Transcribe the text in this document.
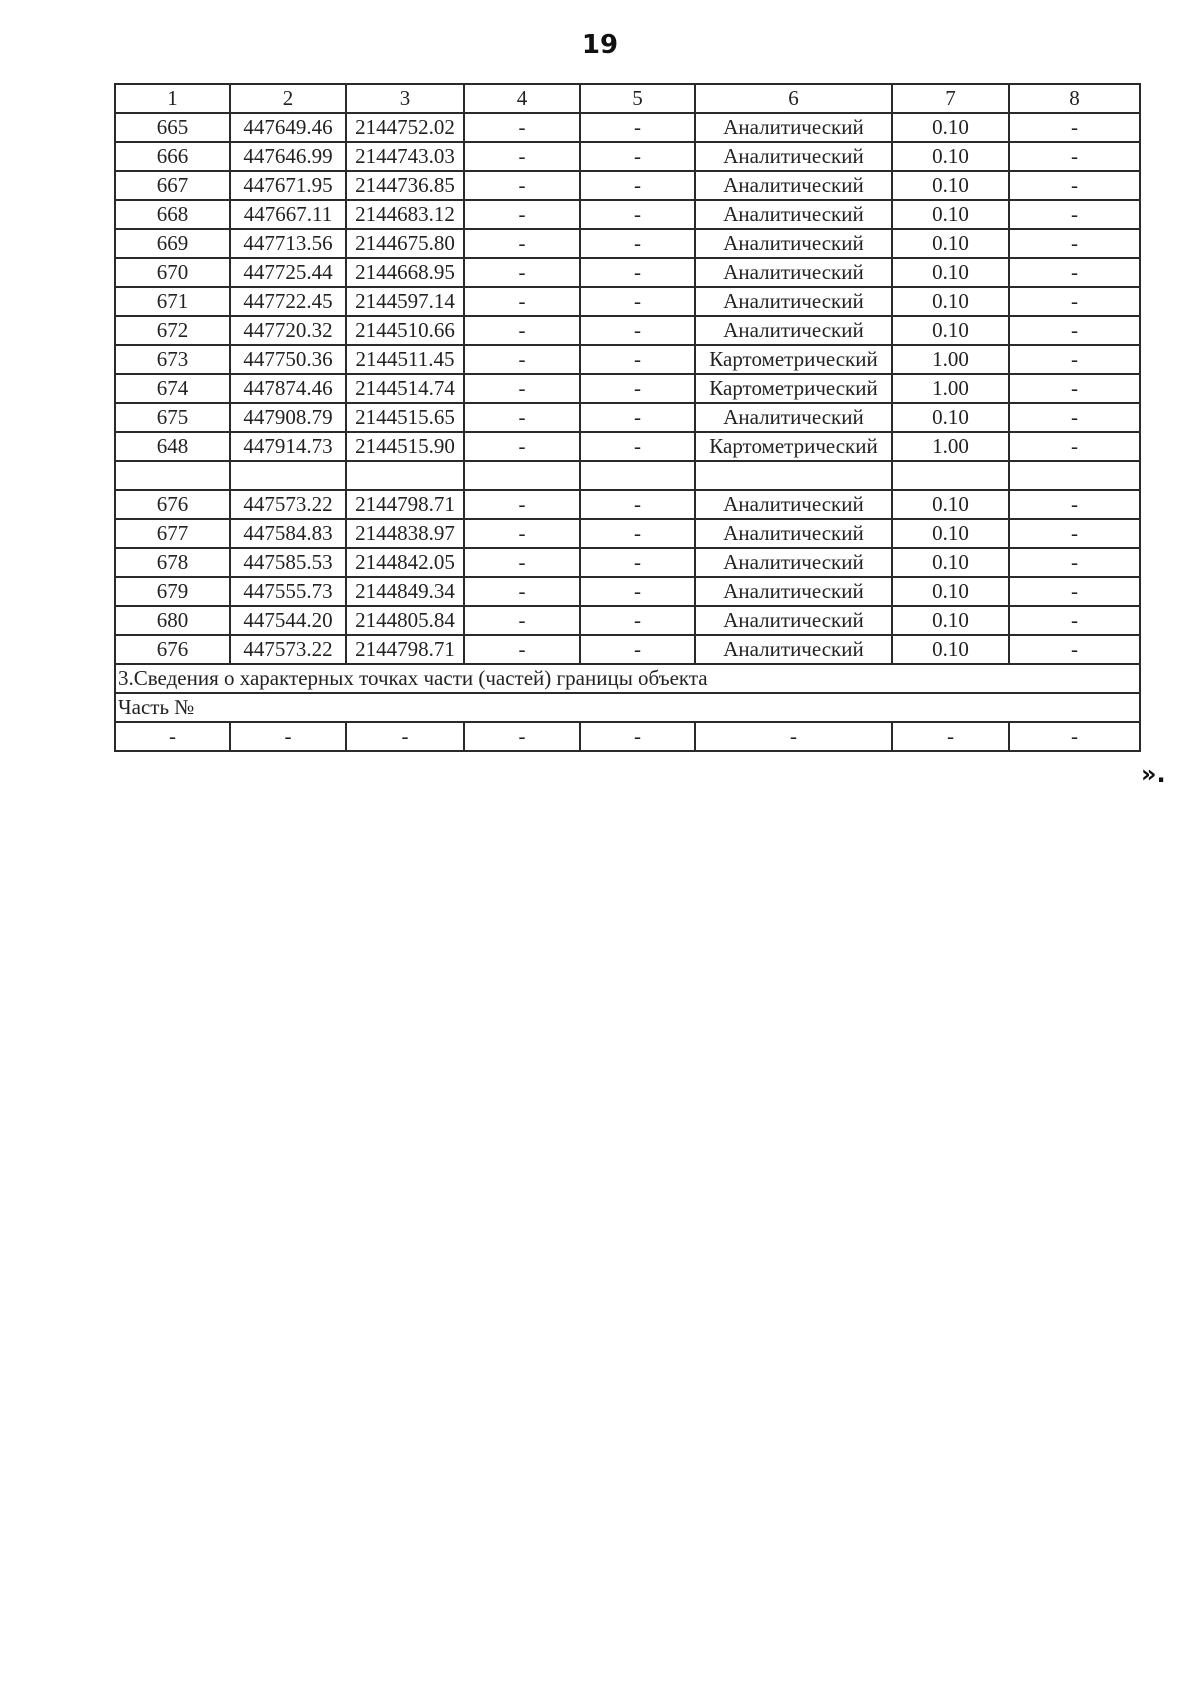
19
1	2	3	4	5	6	7	8
665	447649.46	2144752.02	-	-	Аналитический	0.10	-
666	447646.99	2144743.03	-	-	Аналитический	0.10	-
667	447671.95	2144736.85	-	-	Аналитический	0.10	-
668	447667.11	2144683.12	-	-	Аналитический	0.10	-
669	447713.56	2144675.80	-	-	Аналитический	0.10	-
670	447725.44	2144668.95	-	-	Аналитический	0.10	-
671	447722.45	2144597.14	-	-	Аналитический	0.10	-
672	447720.32	2144510.66	-	-	Аналитический	0.10	-
673	447750.36	2144511.45	-	-	Картометрический	1.00	-
674	447874.46	2144514.74	-	-	Картометрический	1.00	-
675	447908.79	2144515.65	-	-	Аналитический	0.10	-
648	447914.73	2144515.90	-	-	Картометрический	1.00	-

676	447573.22	2144798.71	-	-	Аналитический	0.10	-
677	447584.83	2144838.97	-	-	Аналитический	0.10	-
678	447585.53	2144842.05	-	-	Аналитический	0.10	-
679	447555.73	2144849.34	-	-	Аналитический	0.10	-
680	447544.20	2144805.84	-	-	Аналитический	0.10	-
676	447573.22	2144798.71	-	-	Аналитический	0.10	-
3.Сведения о характерных точках части (частей) границы объекта							
Часть №							
-	-	-	-	-	-	-	-
».
